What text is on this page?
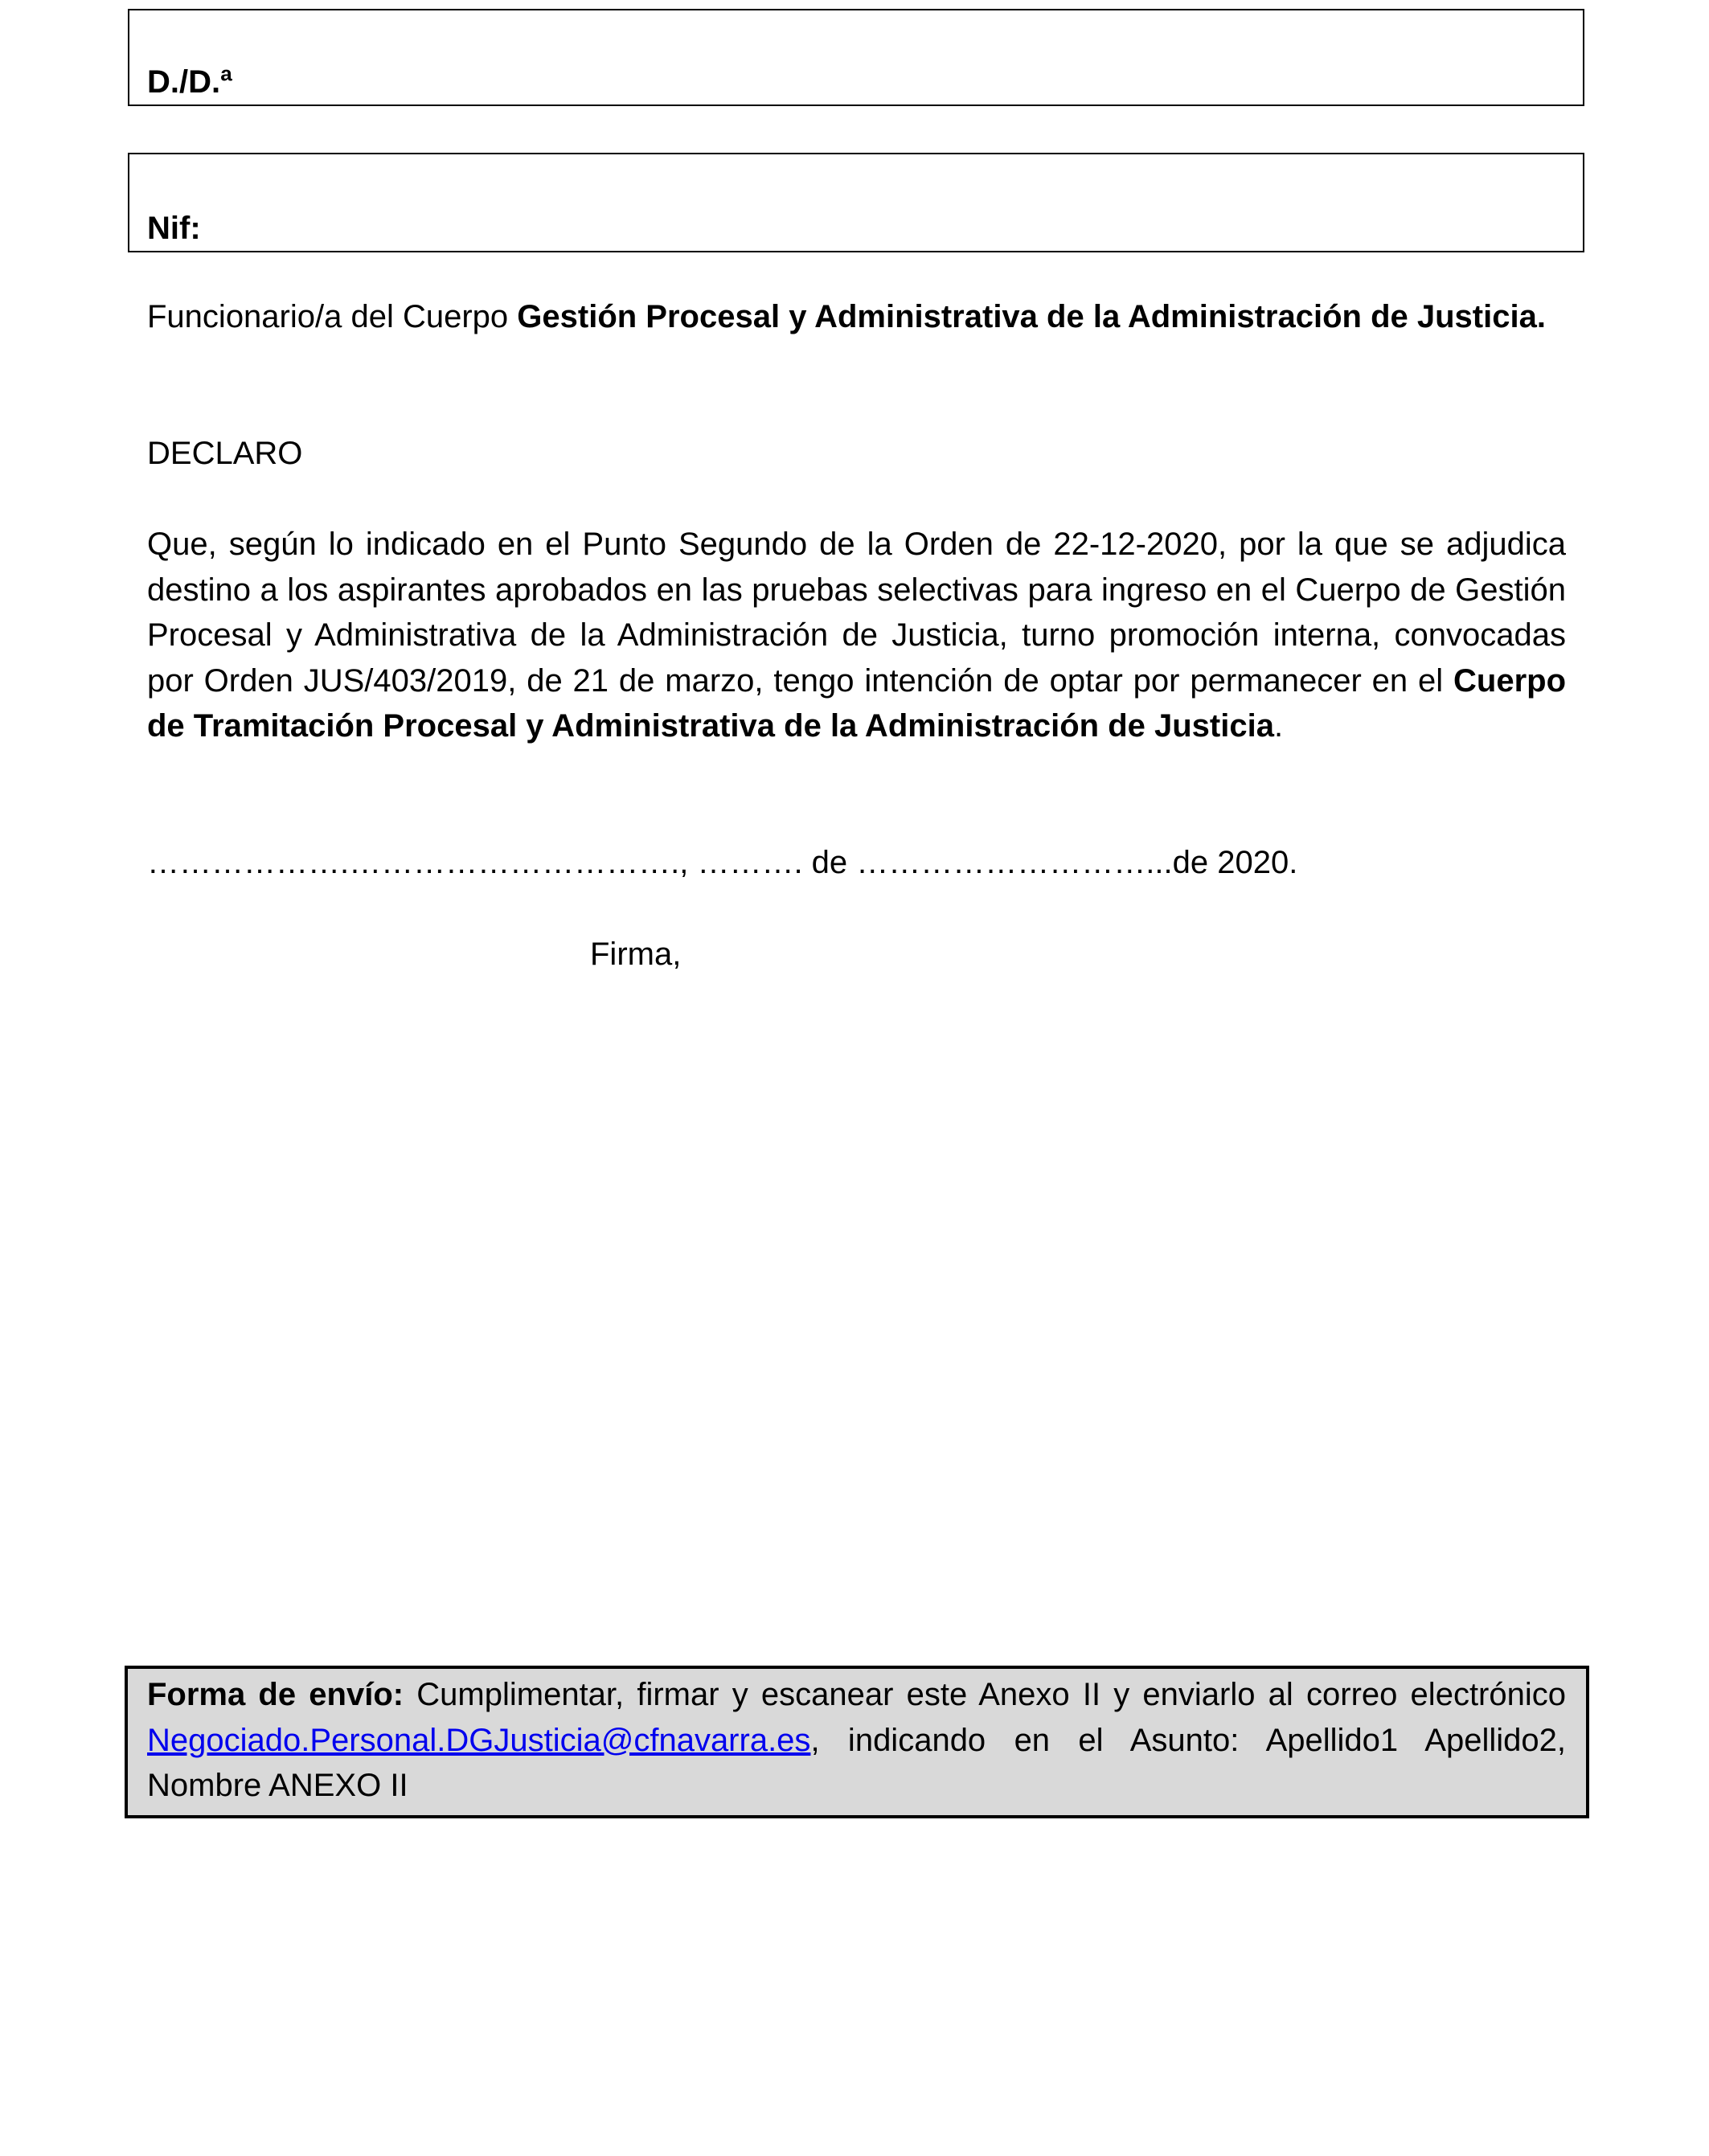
D./D.ª
Nif:

Funcionario/a del Cuerpo Gestión Procesal y Administrativa de la Administración de Justicia.

DECLARO

Que, según lo indicado en el Punto Segundo de la Orden de 22-12-2020, por la que se adjudica destino a los aspirantes aprobados en las pruebas selectivas para ingreso en el Cuerpo de Gestión Procesal y Administrativa de la Administración de Justicia, turno promoción interna, convocadas por Orden JUS/403/2019, de 21 de marzo, tengo intención de optar por permanecer en el Cuerpo de Tramitación Procesal y Administrativa de la Administración de Justicia.

……………….…………………………., ………. de ………………………...de 2020.

Firma,

Forma de envío: Cumplimentar, firmar y escanear este Anexo II y enviarlo al correo electrónico Negociado.Personal.DGJusticia@cfnavarra.es, indicando en el Asunto: Apellido1 Apellido2, Nombre ANEXO II
